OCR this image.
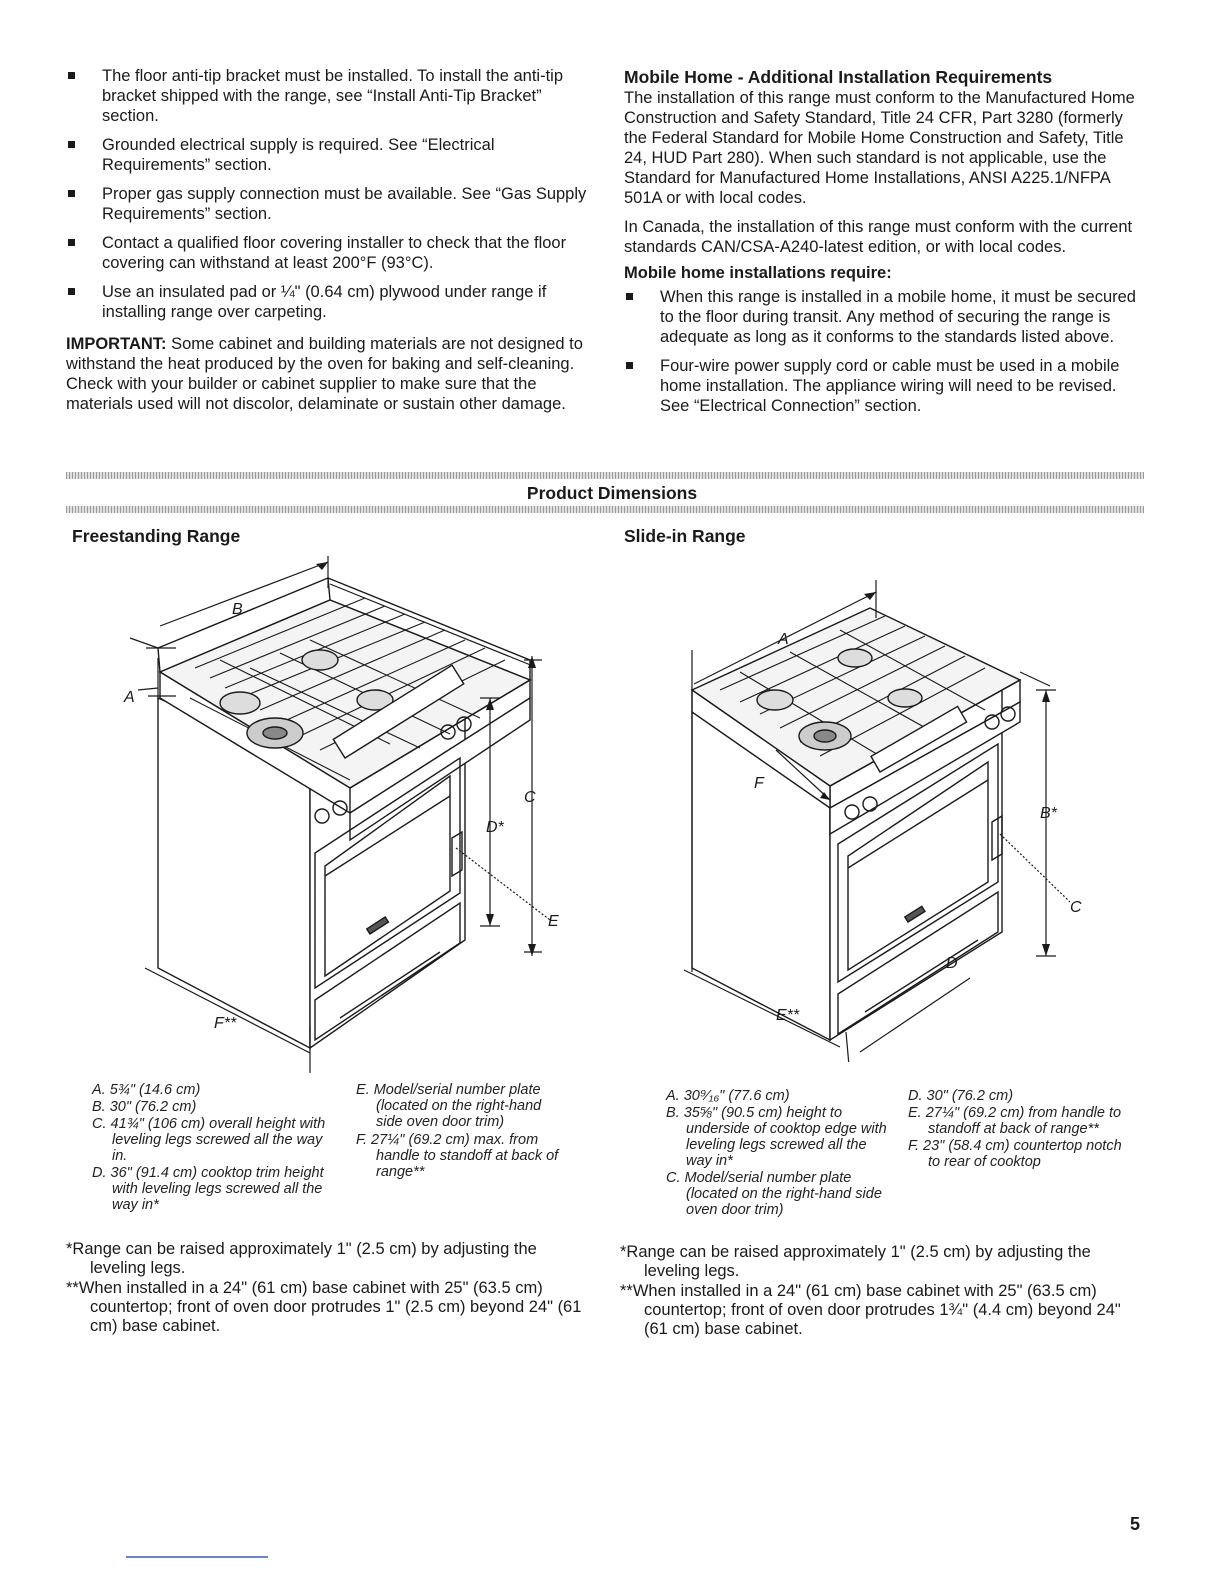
The floor anti-tip bracket must be installed. To install the anti-tip bracket shipped with the range, see “Install Anti-Tip Bracket” section.
Grounded electrical supply is required. See “Electrical Requirements” section.
Proper gas supply connection must be available. See “Gas Supply Requirements” section.
Contact a qualified floor covering installer to check that the floor covering can withstand at least 200°F (93°C).
Use an insulated pad or ¼" (0.64 cm) plywood under range if installing range over carpeting.

IMPORTANT: Some cabinet and building materials are not designed to withstand the heat produced by the oven for baking and self-cleaning. Check with your builder or cabinet supplier to make sure that the materials used will not discolor, delaminate or sustain other damage.

Mobile Home - Additional Installation Requirements

The installation of this range must conform to the Manufactured Home Construction and Safety Standard, Title 24 CFR, Part 3280 (formerly the Federal Standard for Mobile Home Construction and Safety, Title 24, HUD Part 280). When such standard is not applicable, use the Standard for Manufactured Home Installations, ANSI A225.1/NFPA 501A or with local codes.

In Canada, the installation of this range must conform with the current standards CAN/CSA-A240-latest edition, or with local codes.

Mobile home installations require:
When this range is installed in a mobile home, it must be secured to the floor during transit. Any method of securing the range is adequate as long as it conforms to the standards listed above.
Four-wire power supply cord or cable must be used in a mobile home installation. The appliance wiring will need to be revised. See “Electrical Connection” section.
Product Dimensions
Freestanding Range	Slide-in Range
B
A
C
D*
E
F**
A
F
B*
C
D
E**
A. 5¾" (14.6 cm)
B. 30" (76.2 cm)
C. 41¾" (106 cm) overall height with leveling legs screwed all the way in.
D. 36" (91.4 cm) cooktop trim height with leveling legs screwed all the way in*
E. Model/serial number plate (located on the right-hand side oven door trim)
F. 27¼" (69.2 cm) max. from handle to standoff at back of range**
A. 30⁹⁄₁₆" (77.6 cm)
B. 35⅝" (90.5 cm) height to underside of cooktop edge with leveling legs screwed all the way in*
C. Model/serial number plate (located on the right-hand side oven door trim)
D. 30" (76.2 cm)
E. 27¼" (69.2 cm) from handle to standoff at back of range**
F. 23" (58.4 cm) countertop notch to rear of cooktop

*Range can be raised approximately 1" (2.5 cm) by adjusting the leveling legs.

**When installed in a 24" (61 cm) base cabinet with 25" (63.5 cm) countertop; front of oven door protrudes 1" (2.5 cm) beyond 24" (61 cm) base cabinet.

*Range can be raised approximately 1" (2.5 cm) by adjusting the leveling legs.

**When installed in a 24" (61 cm) base cabinet with 25" (63.5 cm) countertop; front of oven door protrudes 1¾" (4.4 cm) beyond 24" (61 cm) base cabinet.

5
